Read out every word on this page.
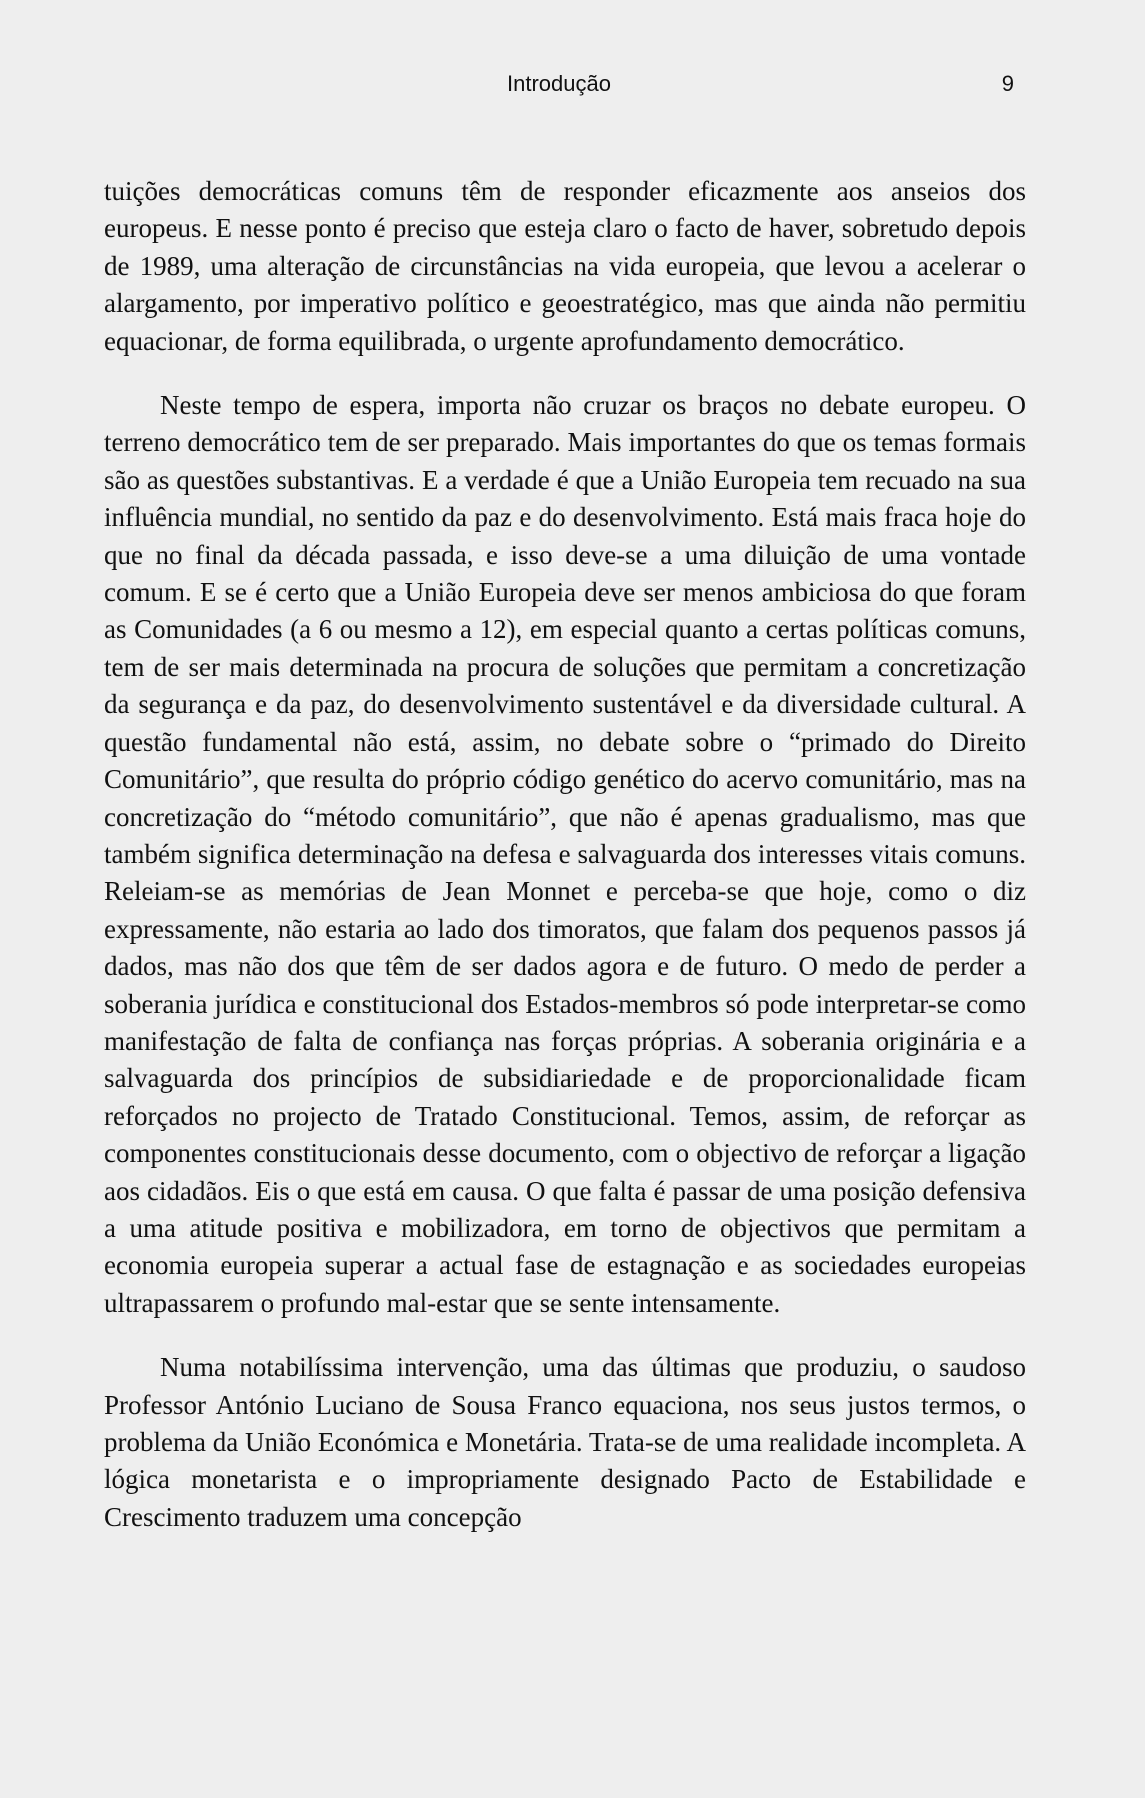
Introdução	9

tuições democráticas comuns têm de responder eficazmente aos anseios dos europeus. E nesse ponto é preciso que esteja claro o facto de haver, sobretudo depois de 1989, uma alteração de circunstâncias na vida europeia, que levou a acelerar o alargamento, por imperativo político e geoestratégico, mas que ainda não permitiu equacionar, de forma equilibrada, o urgente aprofundamento democrático.

Neste tempo de espera, importa não cruzar os braços no debate europeu. O terreno democrático tem de ser preparado. Mais importantes do que os temas formais são as questões substantivas. E a verdade é que a União Europeia tem recuado na sua influência mundial, no sentido da paz e do desenvolvimento. Está mais fraca hoje do que no final da década passada, e isso deve-se a uma diluição de uma vontade comum. E se é certo que a União Europeia deve ser menos ambiciosa do que foram as Comunidades (a 6 ou mesmo a 12), em especial quanto a certas políticas comuns, tem de ser mais determinada na procura de soluções que permitam a concretização da segurança e da paz, do desenvolvimento sustentável e da diversidade cultural. A questão fundamental não está, assim, no debate sobre o “primado do Direito Comunitário”, que resulta do próprio código genético do acervo comunitário, mas na concretização do “método comunitário”, que não é apenas gradualismo, mas que também significa determinação na defesa e salvaguarda dos interesses vitais comuns. Releiam-se as memórias de Jean Monnet e perceba-se que hoje, como o diz expressamente, não estaria ao lado dos timoratos, que falam dos pequenos passos já dados, mas não dos que têm de ser dados agora e de futuro. O medo de perder a soberania jurídica e constitucional dos Estados-membros só pode interpretar-se como manifestação de falta de confiança nas forças próprias. A soberania originária e a salvaguarda dos princípios de subsidiariedade e de proporcionalidade ficam reforçados no projecto de Tratado Constitucional. Temos, assim, de reforçar as componentes constitucionais desse documento, com o objectivo de reforçar a ligação aos cidadãos. Eis o que está em causa. O que falta é passar de uma posição defensiva a uma atitude positiva e mobilizadora, em torno de objectivos que permitam a economia europeia superar a actual fase de estagnação e as sociedades europeias ultrapassarem o profundo mal-estar que se sente intensamente.

Numa notabilíssima intervenção, uma das últimas que produziu, o saudoso Professor António Luciano de Sousa Franco equaciona, nos seus justos termos, o problema da União Económica e Monetária. Trata-se de uma realidade incompleta. A lógica monetarista e o impropriamente designado Pacto de Estabilidade e Crescimento traduzem uma concepção
